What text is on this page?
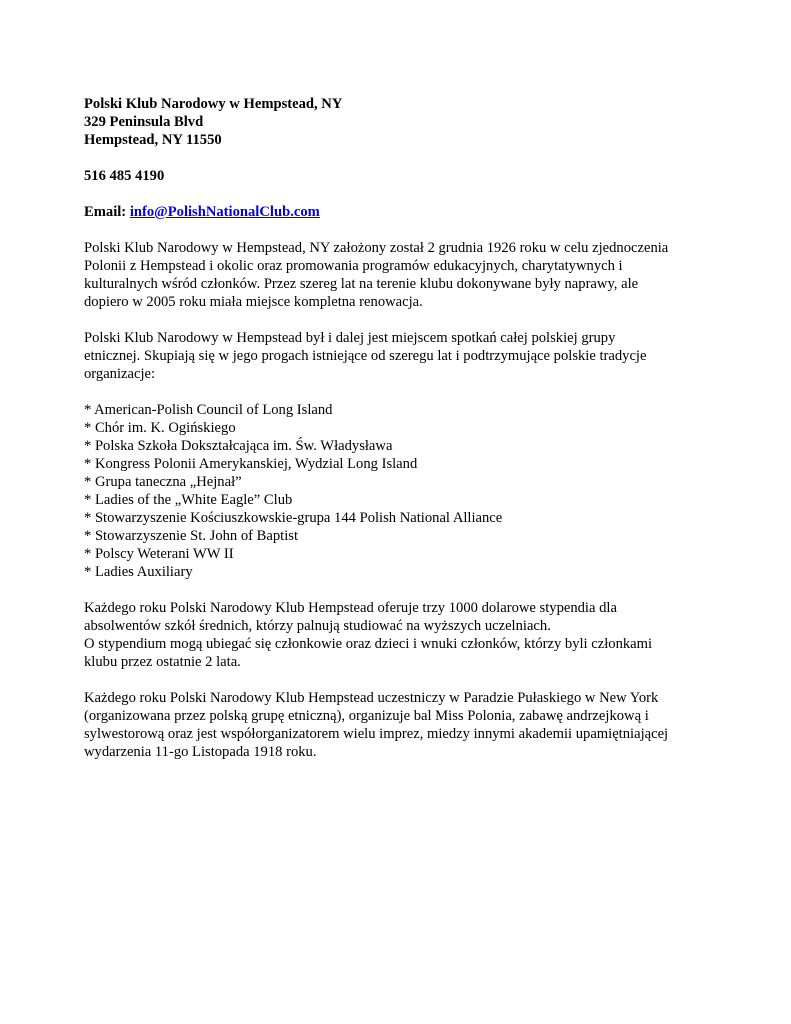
Polski Klub Narodowy w Hempstead, NY
329 Peninsula Blvd
Hempstead, NY 11550
516 485 4190
Email: info@PolishNationalClub.com

Polski Klub Narodowy w Hempstead, NY założony został 2 grudnia 1926 roku w celu zjednoczenia
Polonii z Hempstead i okolic oraz promowania programów edukacyjnych, charytatywnych i
kulturalnych wśród członków. Przez szereg lat na terenie klubu dokonywane były naprawy, ale
dopiero w 2005 roku miała miejsce kompletna renowacja.

Polski Klub Narodowy w Hempstead był i dalej jest miejscem spotkań całej polskiej grupy
etnicznej. Skupiają się w jego progach istniejące od szeregu lat i podtrzymujące polskie tradycje
organizacje:

* American-Polish Council of Long Island
* Chór im. K. Ogińskiego
* Polska Szkoła Dokształcająca im. Św. Władysława
* Kongress Polonii Amerykanskiej, Wydzial Long Island
* Grupa taneczna „Hejnał”
* Ladies of the „White Eagle” Club
* Stowarzyszenie Kościuszkowskie-grupa 144 Polish National Alliance
* Stowarzyszenie St. John of Baptist
* Polscy Weterani WW II
* Ladies Auxiliary

Każdego roku Polski Narodowy Klub Hempstead oferuje trzy 1000 dolarowe stypendia dla
absolwentów szkół średnich, którzy palnują studiować na wyższych uczelniach.
O stypendium mogą ubiegać się członkowie oraz dzieci i wnuki członków, którzy byli członkami
klubu przez ostatnie 2 lata.

Każdego roku Polski Narodowy Klub Hempstead uczestniczy w Paradzie Pułaskiego w New York
(organizowana przez polską grupę etniczną), organizuje bal Miss Polonia, zabawę andrzejkową i
sylwestorową oraz jest współorganizatorem wielu imprez, miedzy innymi akademii upamiętniającej
wydarzenia 11-go Listopada 1918 roku.
